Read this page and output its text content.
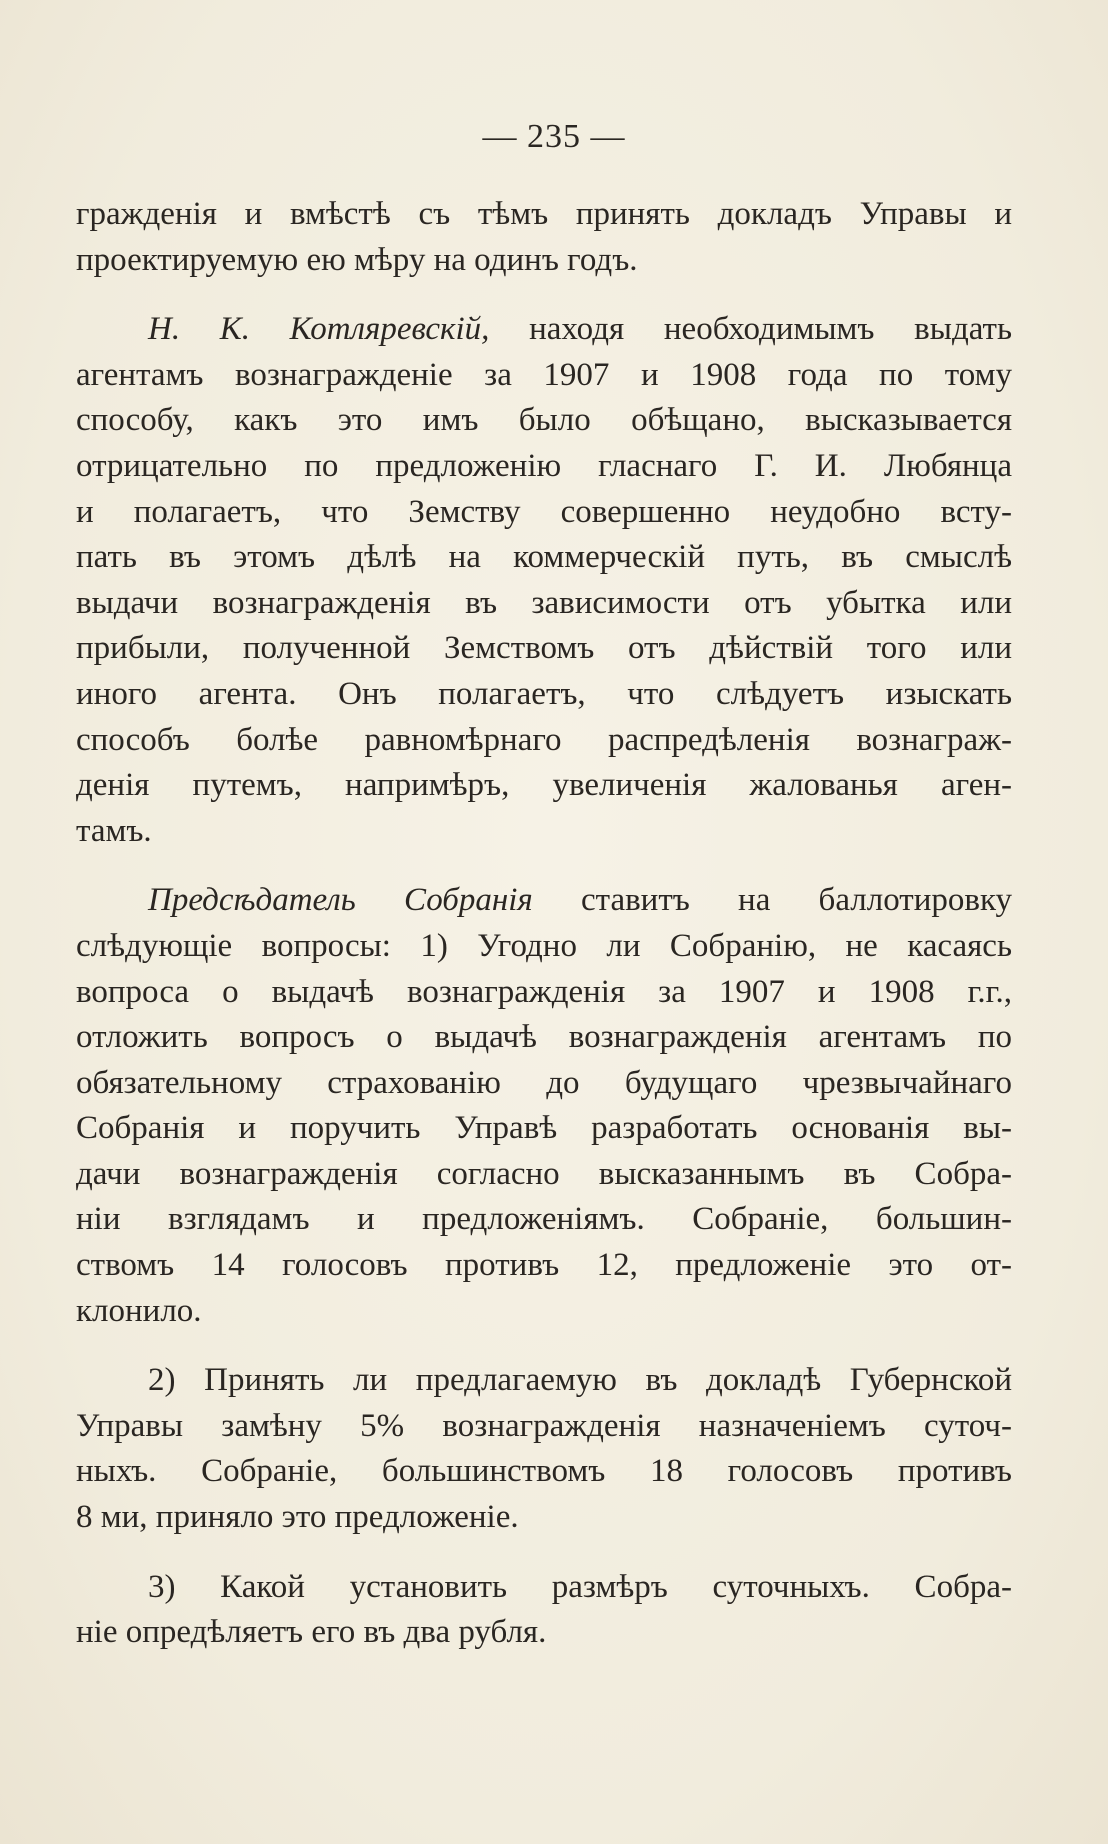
— 235 —
гражденія и вмѣстѣ съ тѣмъ принять докладъ Управы и
проектируемую ею мѣру на одинъ годъ.
Н. К. Котляревскій, находя необходимымъ выдать
агентамъ вознагражденіе за 1907 и 1908 года по тому
способу, какъ это имъ было обѣщано, высказывается
отрицательно по предложенію гласнаго Г. И. Любянца
и полагаетъ, что Земству совершенно неудобно всту-
пать въ этомъ дѣлѣ на коммерческій путь, въ смыслѣ
выдачи вознагражденія въ зависимости отъ убытка или
прибыли, полученной Земствомъ отъ дѣйствій того или
иного агента. Онъ полагаетъ, что слѣдуетъ изыскать
способъ болѣе равномѣрнаго распредѣленія вознаграж-
денія путемъ, напримѣръ, увеличенія жалованья аген-
тамъ.
Предсѣдатель Собранія ставитъ на баллотировку
слѣдующіе вопросы: 1) Угодно ли Собранію, не касаясь
вопроса о выдачѣ вознагражденія за 1907 и 1908 г.г.,
отложить вопросъ о выдачѣ вознагражденія агентамъ по
обязательному страхованію до будущаго чрезвычайнаго
Собранія и поручить Управѣ разработать основанія вы-
дачи вознагражденія согласно высказаннымъ въ Собра-
ніи взглядамъ и предложеніямъ. Собраніе, большин-
ствомъ 14 голосовъ противъ 12, предложеніе это от-
клонило.
2) Принять ли предлагаемую въ докладѣ Губернской
Управы замѣну 5% вознагражденія назначеніемъ суточ-
ныхъ. Собраніе, большинствомъ 18 голосовъ противъ
8 ми, приняло это предложеніе.
3) Какой установить размѣръ суточныхъ. Собра-
ніе опредѣляетъ его въ два рубля.
